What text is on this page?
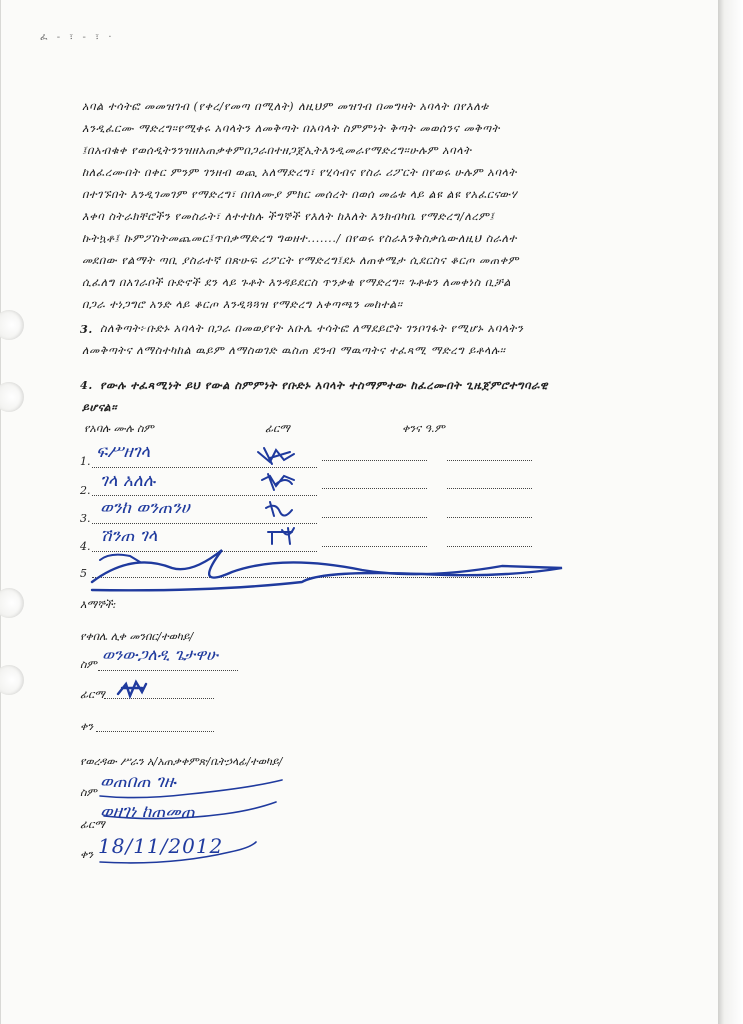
ፈ - ፣ - ፣ ·
አባል ተሳትፎ መመዝገብ (የቀረ/የመጣ በሚለት) ለዚህም መዝገብ በመግዛት አባላት በየእለቱ
እንዲፈርሙ ማድረግ።የሚቀሩ አባላትን ለመቅጣት በአባላት ስምምነት ቅጣት መወሰንና መቅጣት
፤በአብቁቀ የወሰዲትንንዝዘአጠቃቀምበጋራበተዘጋጀኢትእንዲመራየማድረግ።ሁሉም አባላት
ከለፈረሙበት በቀር ምንም ገንዘብ ወጪ አለማድረግ፣ የሂሳብና የስራ ሪፖርት በየወሩ ሁሉም አባላት
በተገኙበት እንዲገመገም የማድረግ፣ በበለሙያ ምክር መሰረት በወሰ መሬቱ ላይ ልዩ ልዩ የአፈርናውሃ
እቀባ ስትራክቸሮችን የመስራት፣ ለተተከሉ ችግኞች የእለት ከእለት እንክብካቤ የማድረግ/ለረም፤
ኩትኳቶ፤ ኩምፖስትመጨመር፤ጥበቃማድረግ ግወዘተ......./ በየወሩ የስራእንቅስቃሴውለዚህ ስራለተ
መደበው የልማት ጣቢ ያስራተኛ በጽሁፍ ሪፖርት የማድረግ፤ደኑ ለጠቀሜታ ሲደርስና ቆርጦ መጠቀም
ሲፈለግ በአገራቦች ቡድኖች ደን ላይ ጉቶት እንዳይደርስ ጥንቃቄ የማድረግ። ጉቶቱን ለመቀነስ ቢቻል
በጋራ ተነጋግሮ አንድ ላይ ቆርጦ እንዲጓጓዝ የማድረግ አቀጣጫን መከተል።
3. ስለቅጣት፦ቡድኑ አባላት በጋራ በመወያየት አቡሌ ተሳትፎ ለማደይሮት ገንቦገፋት የሚሆኑ አባላትን
ለመቅጣትና ለማስተካከል ዉይም ለማስወገድ ዉስጠ ደንብ ማዉጣትና ተፈጻሚ ማድረግ ይቶላሉ።
4. የውሉ ተፈጻሚነት ይህ የውል ስምምነት የቡድኑ አባላት ተስማምተው ከፈረሙበት ጊዜጀምሮተግባራዊ
ይሆናል።
የአባሉ ሙሉ ስም	ፊርማ	ቀንና ዓ.ም
1. ፍሥዘገላ
2. ገላ አለሉ
3.
ወንከ ወንጠንሀ
4.
ሽንጠ ገላ
5
እማኞች:
የቀበሌ ሊቀ መንበር/ተወካይ/
ስም
ወንውጋለዲ ጌታዋሁ
ፊርማ
ቀን
የወረዳው ሥራን አ/አጠቃቀምጽ/ቤትኃላፊ/ተወካይ/
ስም
ወጠበጠ ገዙ
ፊርማ
ወዘገነ ከጠመጠ
ቀን 18/11/2012
